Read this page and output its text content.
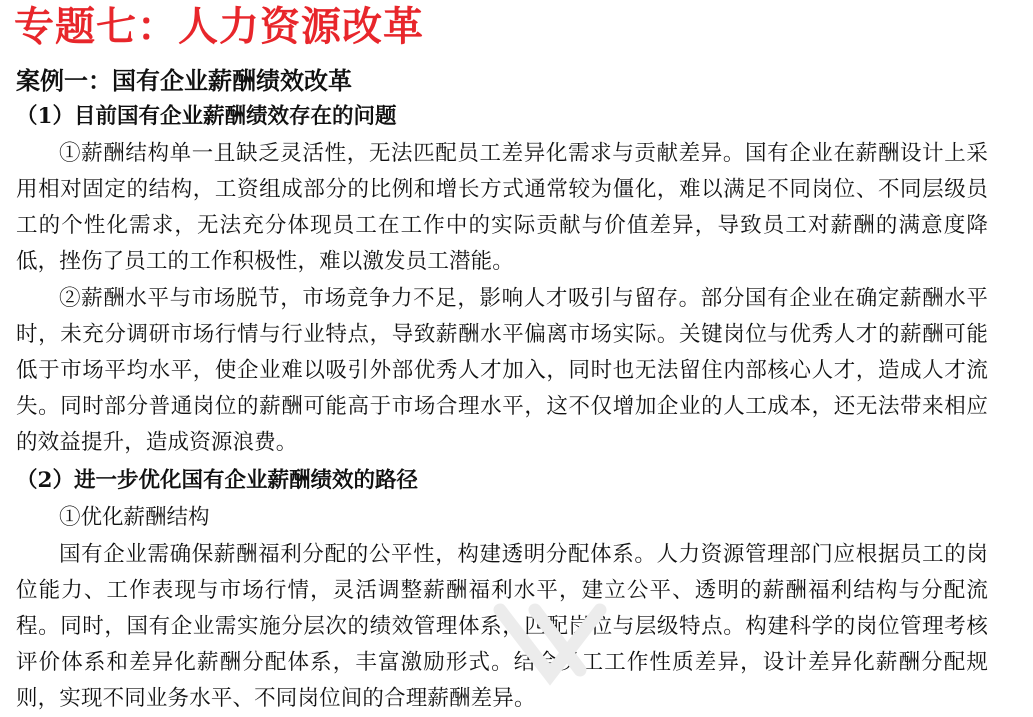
专题七：人力资源改革
案例一：国有企业薪酬绩效改革
（1）目前国有企业薪酬绩效存在的问题
①薪酬结构单一且缺乏灵活性，无法匹配员工差异化需求与贡献差异。国有企业在薪酬设计上采用相对固定的结构，工资组成部分的比例和增长方式通常较为僵化，难以满足不同岗位、不同层级员工的个性化需求，无法充分体现员工在工作中的实际贡献与价值差异，导致员工对薪酬的满意度降低，挫伤了员工的工作积极性，难以激发员工潜能。
②薪酬水平与市场脱节，市场竞争力不足，影响人才吸引与留存。部分国有企业在确定薪酬水平时，未充分调研市场行情与行业特点，导致薪酬水平偏离市场实际。关键岗位与优秀人才的薪酬可能低于市场平均水平，使企业难以吸引外部优秀人才加入，同时也无法留住内部核心人才，造成人才流失。同时部分普通岗位的薪酬可能高于市场合理水平，这不仅增加企业的人工成本，还无法带来相应的效益提升，造成资源浪费。
（2）进一步优化国有企业薪酬绩效的路径
①优化薪酬结构
国有企业需确保薪酬福利分配的公平性，构建透明分配体系。人力资源管理部门应根据员工的岗位能力、工作表现与市场行情，灵活调整薪酬福利水平，建立公平、透明的薪酬福利结构与分配流程。同时，国有企业需实施分层次的绩效管理体系，匹配岗位与层级特点。构建科学的岗位管理考核评价体系和差异化薪酬分配体系，丰富激励形式。结合员工工作性质差异，设计差异化薪酬分配规则，实现不同业务水平、不同岗位间的合理薪酬差异。
